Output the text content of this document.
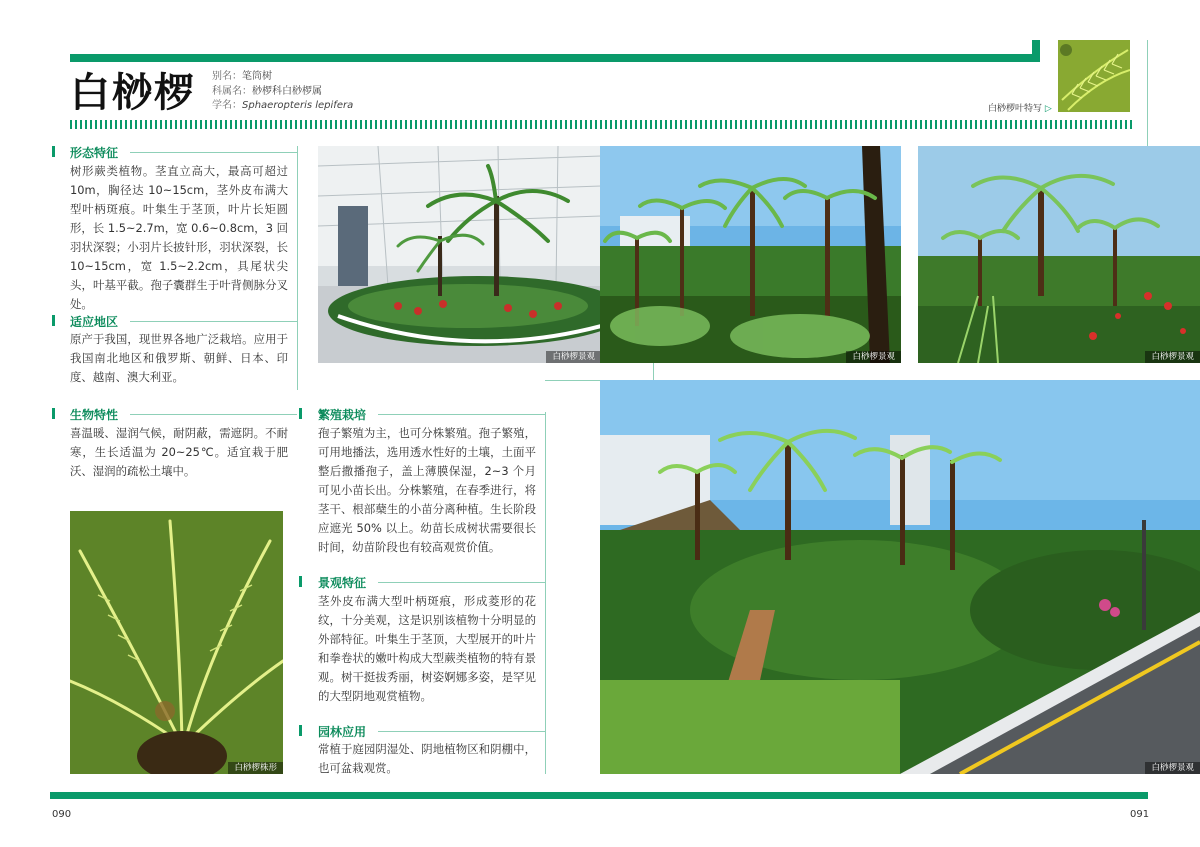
白桫椤 别名：笔筒树
科属名：桫椤科白桫椤属
学名：Sphaeropteris lepifera	白桫椤叶特写 ▷
形态特征
树形蕨类植物。茎直立高大，最高可超过10m，胸径达 10~15cm，茎外皮布满大型叶柄斑痕。叶集生于茎顶，叶片长矩圆形，长 1.5~2.7m，宽 0.6~0.8cm，3 回羽状深裂；小羽片长披针形，羽状深裂，长10~15cm，宽 1.5~2.2cm，具尾状尖头，叶基平截。孢子囊群生于叶背侧脉分叉处。
适应地区
原产于我国，现世界各地广泛栽培。应用于我国南北地区和俄罗斯、朝鲜、日本、印度、越南、澳大利亚。
生物特性
喜温暖、湿润气候，耐阴蔽，需遮阴。不耐寒，生长适温为 20~25℃。适宜栽于肥沃、湿润的疏松土壤中。
繁殖栽培
孢子繁殖为主，也可分株繁殖。孢子繁殖，可用地播法，选用透水性好的土壤，土面平整后撒播孢子，盖上薄膜保湿，2~3 个月可见小苗长出。分株繁殖，在春季进行，将茎干、根部蘖生的小苗分离种植。生长阶段应遮光 50% 以上。幼苗长成树状需要很长时间，幼苗阶段也有较高观赏价值。
景观特征
茎外皮布满大型叶柄斑痕，形成菱形的花纹，十分美观，这是识别该植物十分明显的外部特征。叶集生于茎顶，大型展开的叶片和拳卷状的嫩叶构成大型蕨类植物的特有景观。树干挺拔秀丽，树姿婀娜多姿，是罕见的大型阴地观赏植物。
园林应用
常植于庭园阴湿处、阴地植物区和阴棚中，也可盆栽观赏。
白桫椤景观	白桫椤景观	白桫椤景观
白桫椤株形	白桫椤景观
090	091
